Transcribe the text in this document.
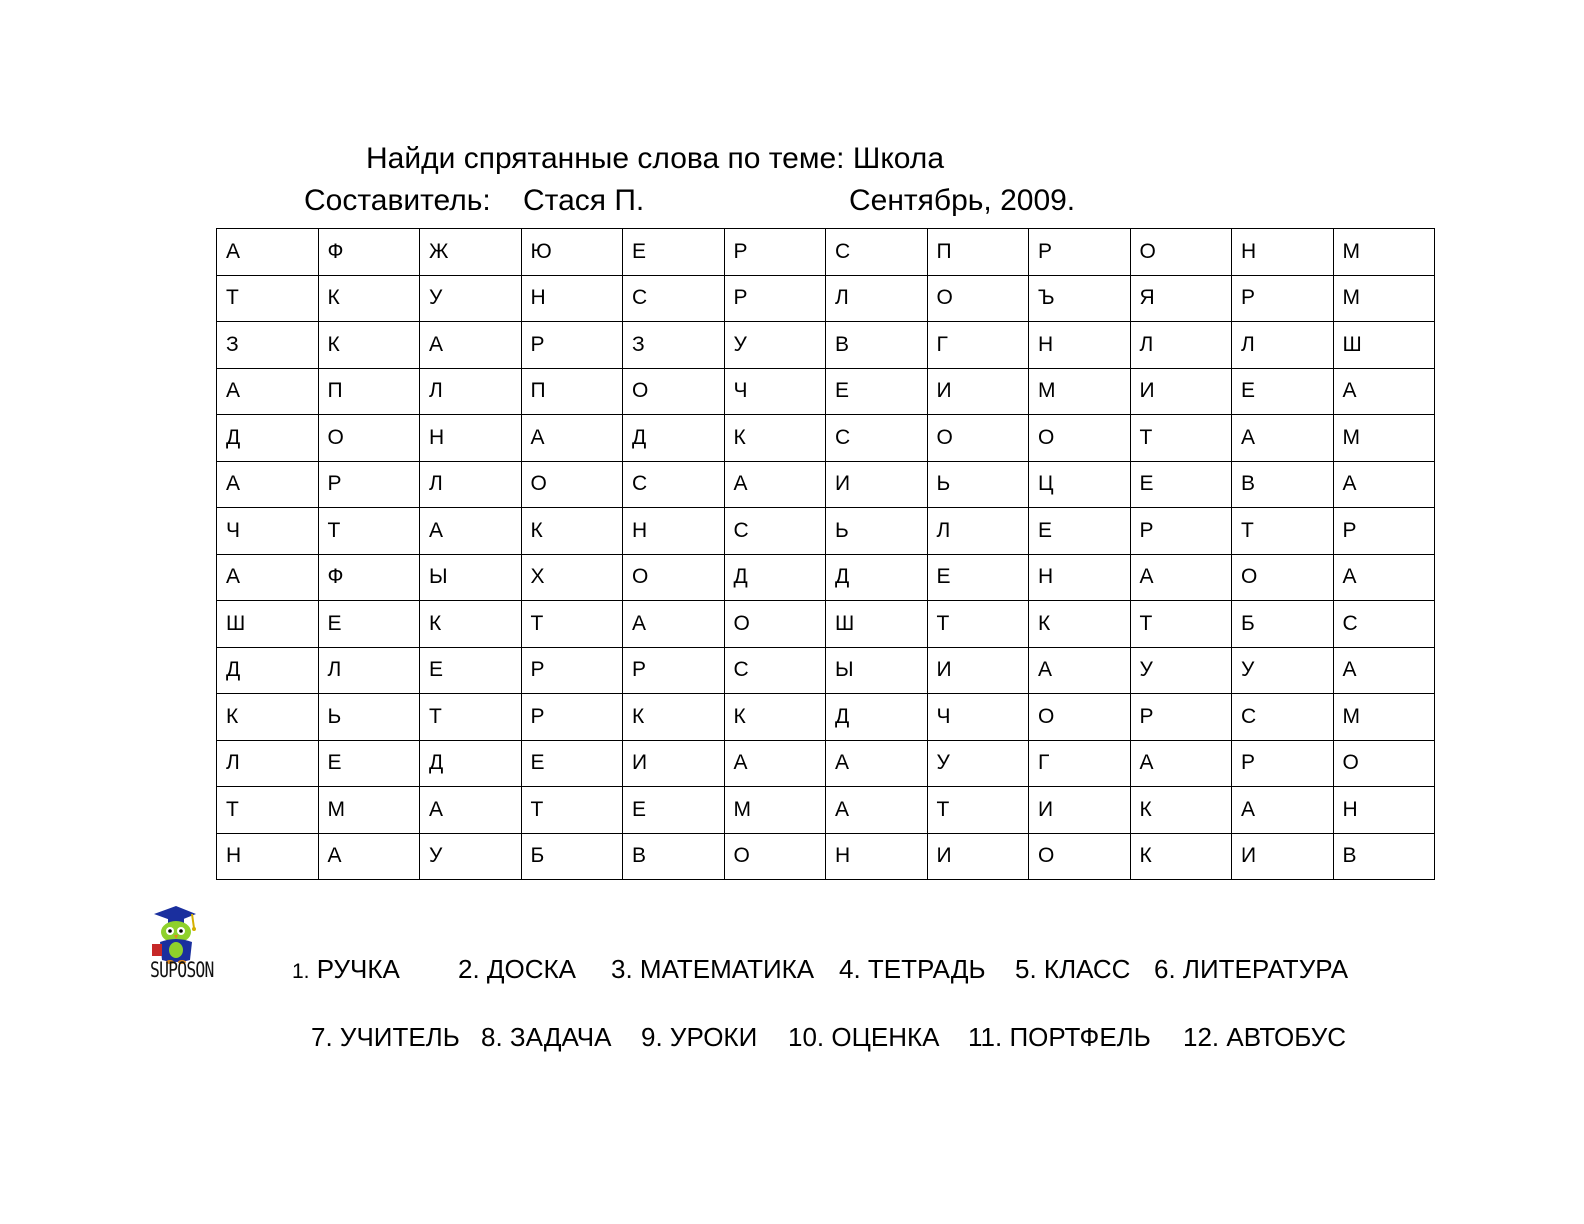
Найди спрятанные слова по теме: Школа
Составитель: Стася П.	Сентябрь, 2009.
А	Ф	Ж	Ю	Е	Р	С	П	Р	О	Н	М
Т	К	У	Н	С	Р	Л	О	Ъ	Я	Р	М
З	К	А	Р	З	У	В	Г	Н	Л	Л	Ш
А	П	Л	П	О	Ч	Е	И	М	И	Е	А
Д	О	Н	А	Д	К	С	О	О	Т	А	М
А	Р	Л	О	С	А	И	Ь	Ц	Е	В	А
Ч	Т	А	К	Н	С	Ь	Л	Е	Р	Т	Р
А	Ф	Ы	Х	О	Д	Д	Е	Н	А	О	А
Ш	Е	К	Т	А	О	Ш	Т	К	Т	Б	С
Д	Л	Е	Р	Р	С	Ы	И	А	У	У	А
К	Ь	Т	Р	К	К	Д	Ч	О	Р	С	М
Л	Е	Д	Е	И	А	А	У	Г	А	Р	О
Т	М	А	Т	Е	М	А	Т	И	К	А	Н
Н	А	У	Б	В	О	Н	И	О	К	И	В
SUPOSON	1. РУЧКА 2. ДОСКА 3. МАТЕМАТИКА 4. ТЕТРАДЬ 5. КЛАСС 6. ЛИТЕРАТУРА
7. УЧИТЕЛЬ 8. ЗАДАЧА 9. УРОКИ 10. ОЦЕНКА 11. ПОРТФЕЛЬ 12. АВТОБУС
